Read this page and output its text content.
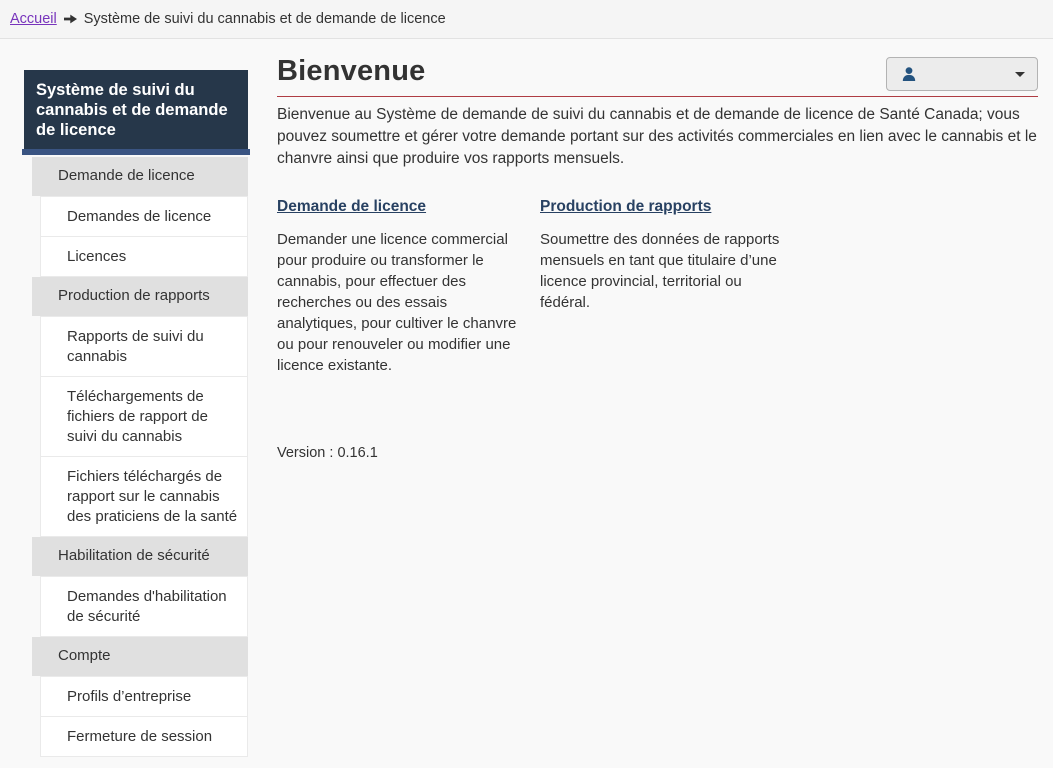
Accueil Système de suivi du cannabis et de demande de licence
Système de suivi du cannabis et de demande de licence
Demande de licence
Demandes de licence
Licences
Production de rapports
Rapports de suivi du cannabis
Téléchargements de fichiers de rapport de suivi du cannabis
Fichiers téléchargés de rapport sur le cannabis des praticiens de la santé
Habilitation de sécurité
Demandes d'habilitation de sécurité
Compte
Profils d’entreprise
Fermeture de session
Bienvenue

Bienvenue au Système de demande de suivi du cannabis et de demande de licence de Santé Canada; vous pouvez soumettre et gérer votre demande portant sur des activités commerciales en lien avec le cannabis et le chanvre ainsi que produire vos rapports mensuels.

Demande de licence

Demander une licence commercial pour produire ou transformer le cannabis, pour effectuer des recherches ou des essais analytiques, pour cultiver le chanvre ou pour renouveler ou modifier une licence existante.

Production de rapports

Soumettre des données de rapports mensuels en tant que titulaire d’une licence provincial, territorial ou fédéral.

Version : 0.16.1
